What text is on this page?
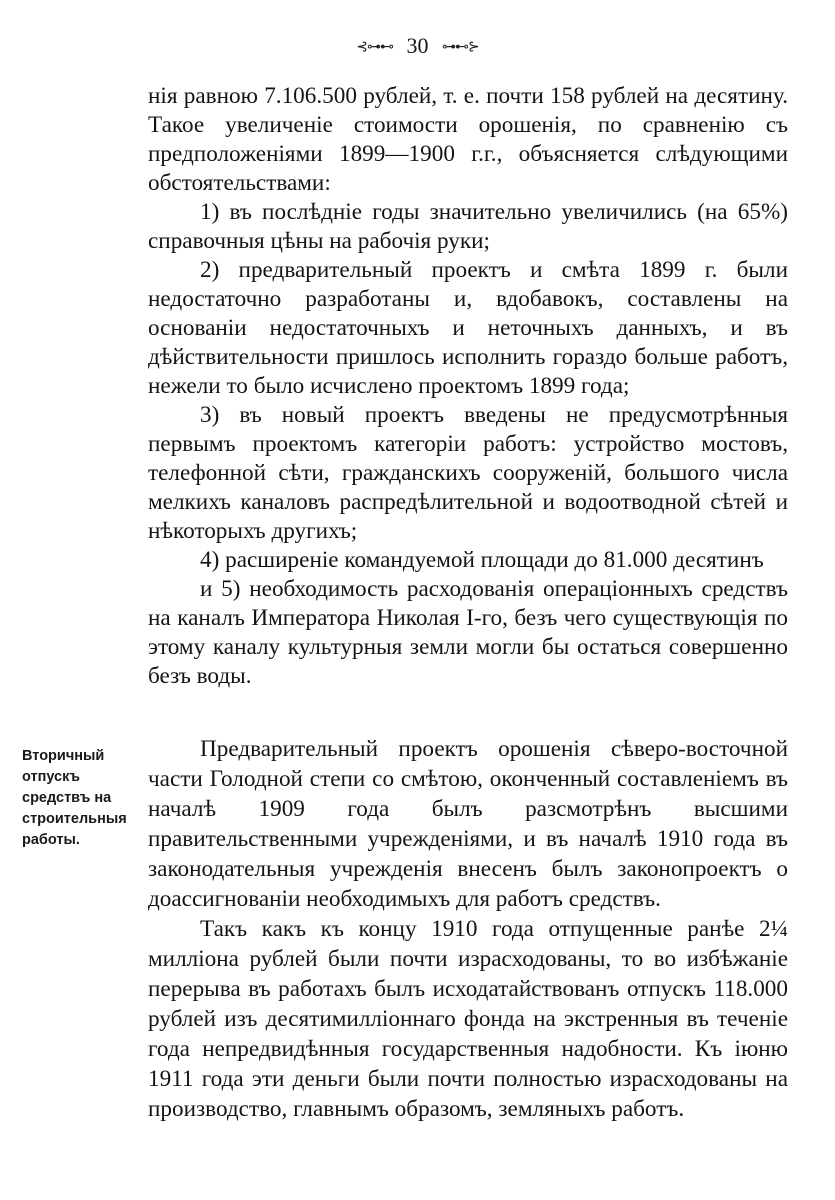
⊰⊶⊷ 30 ⊶⊷⊱

нія равною 7.106.500 рублей, т. е. почти 158 рублей на десятину. Такое увеличеніе стоимости орошенія, по сравненію съ предположеніями 1899—1900 г.г., объясняется слѣдующими обстоятельствами:

1) въ послѣдніе годы значительно увеличились (на 65%) справочныя цѣны на рабочія руки;

2) предварительный проектъ и смѣта 1899 г. были недостаточно разработаны и, вдобавокъ, составлены на основаніи недостаточныхъ и неточныхъ данныхъ, и въ дѣйствительности пришлось исполнить гораздо больше работъ, нежели то было исчислено проектомъ 1899 года;

3) въ новый проектъ введены не предусмотрѣнныя первымъ проектомъ категоріи работъ: устройство мостовъ, телефонной сѣти, гражданскихъ сооруженій, большого числа мелкихъ каналовъ распредѣлительной и водоотводной сѣтей и нѣкоторыхъ другихъ;

4) расширеніе командуемой площади до 81.000 десятинъ

и 5) необходимость расходованія операціонныхъ средствъ на каналъ Императора Николая I-го, безъ чего существующія по этому каналу культурныя земли могли бы остаться совершенно безъ воды.

Вторичный
отпускъ
средствъ на
строительныя
работы.

Предварительный проектъ орошенія сѣверо-восточной части Голодной степи со смѣтою, оконченный составленіемъ въ началѣ 1909 года былъ разсмотрѣнъ высшими правительственными учрежденіями, и въ началѣ 1910 года въ законодательныя учрежденія внесенъ былъ законопроектъ о доассигнованіи необходимыхъ для работъ средствъ.

Такъ какъ къ концу 1910 года отпущенные ранѣе 2¼ милліона рублей были почти израсходованы, то во избѣжаніе перерыва въ работахъ былъ исходатайствованъ отпускъ 118.000 рублей изъ десятимилліоннаго фонда на экстренныя въ теченіе года непредвидѣнныя государственныя надобности. Къ іюню 1911 года эти деньги были почти полностью израсходованы на производство, главнымъ образомъ, земляныхъ работъ.
